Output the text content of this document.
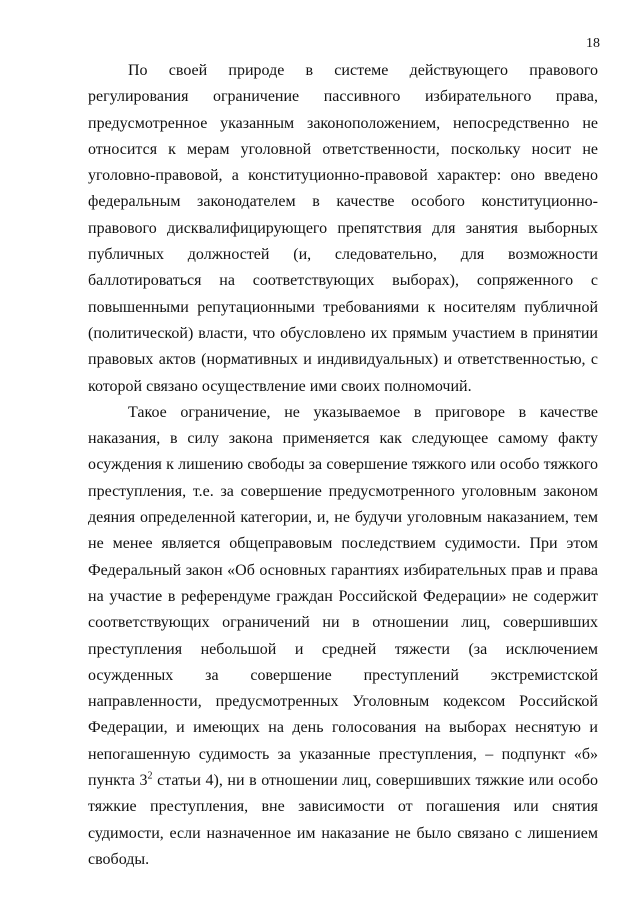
18

По своей природе в системе действующего правового регулирования ограничение пассивного избирательного права, предусмотренное указанным законоположением, непосредственно не относится к мерам уголовной ответственности, поскольку носит не уголовно-правовой, а конституционно-правовой характер: оно введено федеральным законодателем в качестве особого конституционно-правового дисквалифицирующего препятствия для занятия выборных публичных должностей (и, следовательно, для возможности баллотироваться на соответствующих выборах), сопряженного с повышенными репутационными требованиями к носителям публичной (политической) власти, что обусловлено их прямым участием в принятии правовых актов (нормативных и индивидуальных) и ответственностью, с которой связано осуществление ими своих полномочий.

Такое ограничение, не указываемое в приговоре в качестве наказания, в силу закона применяется как следующее самому факту осуждения к лишению свободы за совершение тяжкого или особо тяжкого преступления, т.е. за совершение предусмотренного уголовным законом деяния определенной категории, и, не будучи уголовным наказанием, тем не менее является общеправовым последствием судимости. При этом Федеральный закон «Об основных гарантиях избирательных прав и права на участие в референдуме граждан Российской Федерации» не содержит соответствующих ограничений ни в отношении лиц, совершивших преступления небольшой и средней тяжести (за исключением осужденных за совершение преступлений экстремистской направленности, предусмотренных Уголовным кодексом Российской Федерации, и имеющих на день голосования на выборах неснятую и непогашенную судимость за указанные преступления, – подпункт «б» пункта $3^2$ статьи 4), ни в отношении лиц, совершивших тяжкие или особо тяжкие преступления, вне зависимости от погашения или снятия судимости, если назначенное им наказание не было связано с лишением свободы.
